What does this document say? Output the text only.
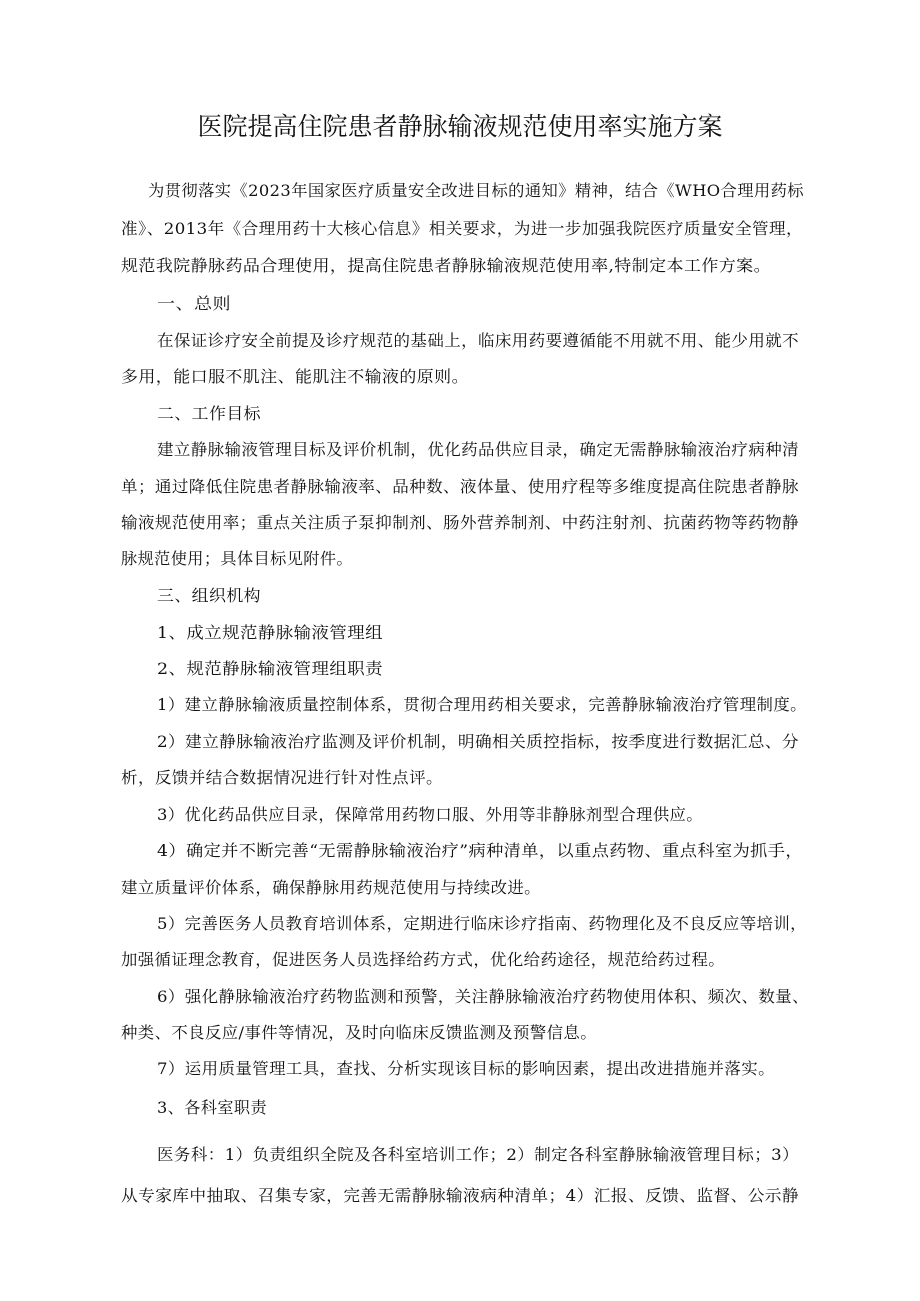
医院提高住院患者静脉输液规范使用率实施方案
为贯彻落实《2023年国家医疗质量安全改进目标的通知》精神，结合《WHO合理用药标
准》、2013年《合理用药十大核心信息》相关要求，为进一步加强我院医疗质量安全管理，
规范我院静脉药品合理使用，提高住院患者静脉输液规范使用率,特制定本工作方案。
一、总则
在保证诊疗安全前提及诊疗规范的基础上，临床用药要遵循能不用就不用、能少用就不
多用，能口服不肌注、能肌注不输液的原则。
二、工作目标
建立静脉输液管理目标及评价机制，优化药品供应目录，确定无需静脉输液治疗病种清
单；通过降低住院患者静脉输液率、品种数、液体量、使用疗程等多维度提高住院患者静脉
输液规范使用率；重点关注质子泵抑制剂、肠外营养制剂、中药注射剂、抗菌药物等药物静
脉规范使用；具体目标见附件。
三、组织机构
1、成立规范静脉输液管理组
2、规范静脉输液管理组职责
1）建立静脉输液质量控制体系，贯彻合理用药相关要求，完善静脉输液治疗管理制度。
2）建立静脉输液治疗监测及评价机制，明确相关质控指标，按季度进行数据汇总、分
析，反馈并结合数据情况进行针对性点评。
3）优化药品供应目录，保障常用药物口服、外用等非静脉剂型合理供应。
4）确定并不断完善“无需静脉输液治疗”病种清单，以重点药物、重点科室为抓手，
建立质量评价体系，确保静脉用药规范使用与持续改进。
5）完善医务人员教育培训体系，定期进行临床诊疗指南、药物理化及不良反应等培训，
加强循证理念教育，促进医务人员选择给药方式，优化给药途径，规范给药过程。
6）强化静脉输液治疗药物监测和预警，关注静脉输液治疗药物使用体积、频次、数量、
种类、不良反应/事件等情况，及时向临床反馈监测及预警信息。
7）运用质量管理工具，查找、分析实现该目标的影响因素，提出改进措施并落实。
3、各科室职责
医务科：1）负责组织全院及各科室培训工作；2）制定各科室静脉输液管理目标；3）
从专家库中抽取、召集专家，完善无需静脉输液病种清单；4）汇报、反馈、监督、公示静
